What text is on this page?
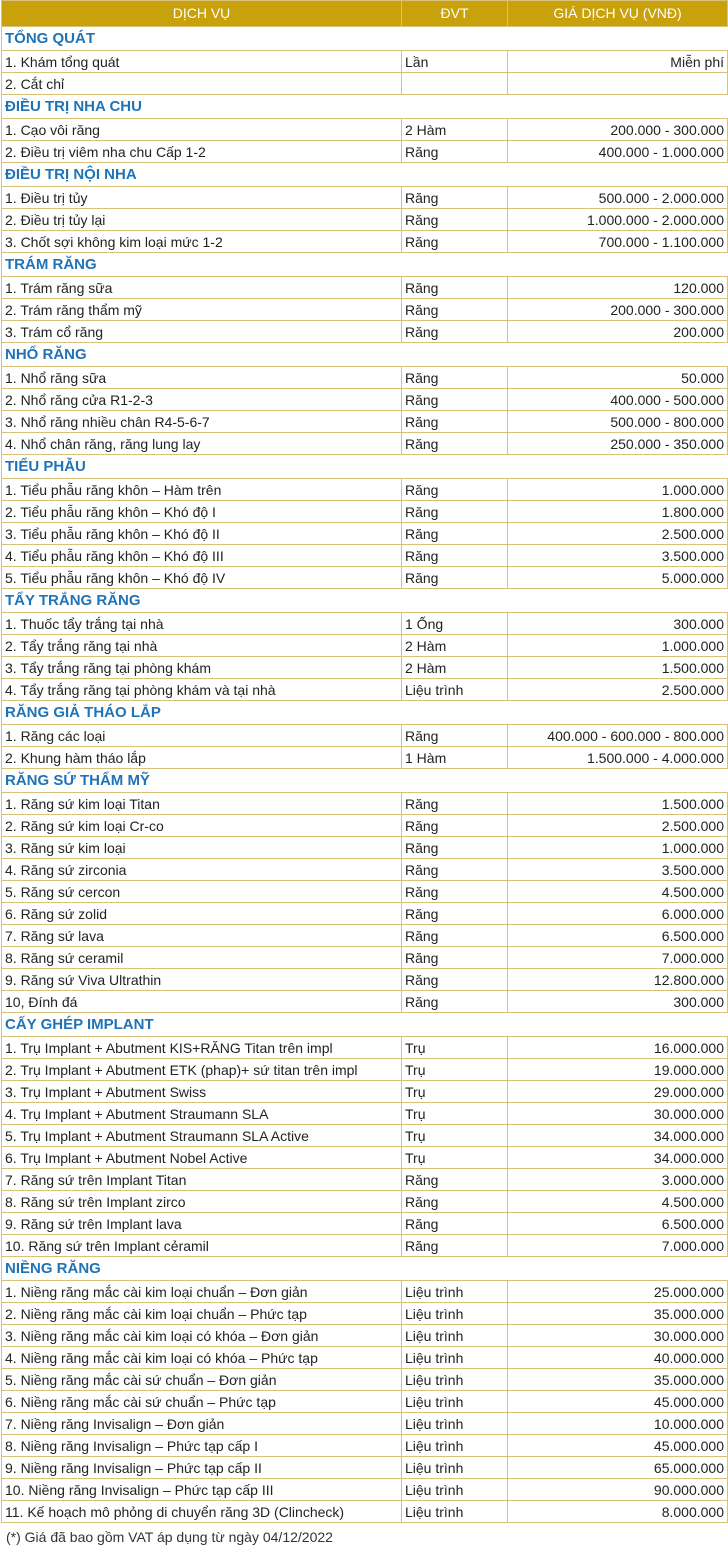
DỊCH VỤ	ĐVT	GIÁ DỊCH VỤ (VNĐ)
TỔNG QUÁT		
1. Khám tổng quát	Lần	Miễn phí
2. Cắt chỉ		
ĐIỀU TRỊ NHA CHU		
1. Cạo vôi răng	2 Hàm	200.000 - 300.000
2. Điều trị viêm nha chu Cấp 1-2	Răng	400.000 - 1.000.000
ĐIỀU TRỊ NỘI NHA		
1. Điều trị tủy	Răng	500.000 - 2.000.000
2. Điều trị tủy lại	Răng	1.000.000 - 2.000.000
3. Chốt sợi không kim loại mức 1-2	Răng	700.000 - 1.100.000
TRÁM RĂNG		
1. Trám răng sữa	Răng	120.000
2. Trám răng thẩm mỹ	Răng	200.000 - 300.000
3. Trám cổ răng	Răng	200.000
NHỔ RĂNG		
1. Nhổ răng sữa	Răng	50.000
2. Nhổ răng cửa R1-2-3	Răng	400.000 - 500.000
3. Nhổ răng nhiều chân R4-5-6-7	Răng	500.000 - 800.000
4. Nhổ chân răng, răng lung lay	Răng	250.000 - 350.000
TIỂU PHẪU		
1. Tiểu phẫu răng khôn – Hàm trên	Răng	1.000.000
2. Tiểu phẫu răng khôn – Khó độ I	Răng	1.800.000
3. Tiểu phẫu răng khôn – Khó độ II	Răng	2.500.000
4. Tiểu phẫu răng khôn – Khó độ III	Răng	3.500.000
5. Tiểu phẫu răng khôn – Khó độ IV	Răng	5.000.000
TẨY TRẮNG RĂNG		
1. Thuốc tẩy trắng tại nhà	1 Ống	300.000
2. Tẩy trắng răng tại nhà	2 Hàm	1.000.000
3. Tẩy trắng răng tại phòng khám	2 Hàm	1.500.000
4. Tẩy trắng răng tại phòng khám và tại nhà	Liệu trình	2.500.000
RĂNG GIẢ THÁO LẮP		
1. Răng các loại	Răng	400.000 - 600.000 - 800.000
2. Khung hàm tháo lắp	1 Hàm	1.500.000 - 4.000.000
RĂNG SỨ THẨM MỸ		
1. Răng sứ kim loại Titan	Răng	1.500.000
2. Răng sứ kim loại Cr-co	Răng	2.500.000
3. Răng sứ kim loại	Răng	1.000.000
4. Răng sứ zirconia	Răng	3.500.000
5. Răng sứ cercon	Răng	4.500.000
6. Răng sứ zolid	Răng	6.000.000
7. Răng sứ lava	Răng	6.500.000
8. Răng sứ ceramil	Răng	7.000.000
9. Răng sứ Viva Ultrathin	Răng	12.800.000
10, Đính đá	Răng	300.000
CẤY GHÉP IMPLANT		
1. Trụ Implant + Abutment KIS+RĂNG Titan trên impl	Trụ	16.000.000
2. Trụ Implant + Abutment ETK (phap)+ sứ titan trên impl	Trụ	19.000.000
3. Trụ Implant + Abutment Swiss	Trụ	29.000.000
4. Trụ Implant + Abutment Straumann SLA	Trụ	30.000.000
5. Trụ Implant + Abutment Straumann SLA Active	Trụ	34.000.000
6. Trụ Implant + Abutment Nobel Active	Trụ	34.000.000
7. Răng sứ trên Implant Titan	Răng	3.000.000
8. Răng sứ trên Implant zirco	Răng	4.500.000
9. Răng sứ trên Implant lava	Răng	6.500.000
10. Răng sứ trên Implant cẻramil	Răng	7.000.000
NIỀNG RĂNG		
1. Niềng răng mắc cài kim loại chuẩn – Đơn giản	Liệu trình	25.000.000
2. Niềng răng mắc cài kim loại chuẩn – Phức tạp	Liệu trình	35.000.000
3. Niềng răng mắc cài kim loại có khóa – Đơn giản	Liệu trình	30.000.000
4. Niềng răng mắc cài kim loại có khóa – Phức tạp	Liệu trình	40.000.000
5. Niềng răng mắc cài sứ chuẩn – Đơn giản	Liệu trình	35.000.000
6. Niềng răng mắc cài sứ chuẩn – Phức tạp	Liệu trình	45.000.000
7. Niềng răng Invisalign – Đơn giản	Liệu trình	10.000.000
8. Niềng răng Invisalign – Phức tạp cấp I	Liệu trình	45.000.000
9. Niềng răng Invisalign – Phức tạp cấp II	Liệu trình	65.000.000
10. Niềng răng Invisalign – Phức tạp cấp III	Liệu trình	90.000.000
11. Kế hoạch mô phỏng di chuyển răng 3D (Clincheck)	Liệu trình	8.000.000
(*) Giá đã bao gồm VAT áp dụng từ ngày 04/12/2022
